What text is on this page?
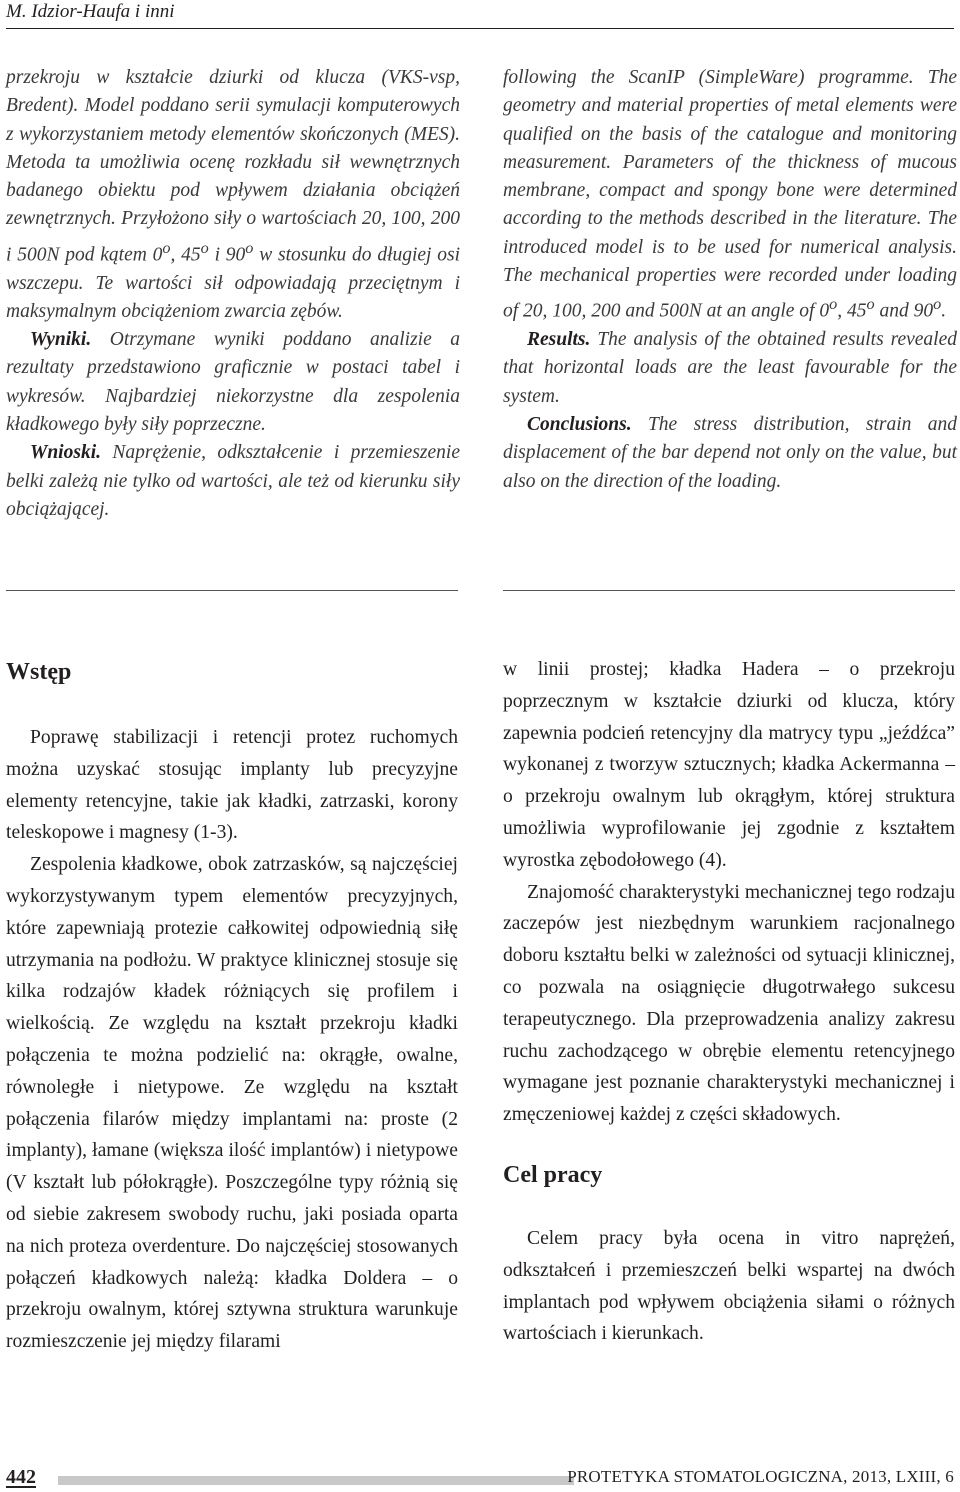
M. Idzior-Haufa i inni

przekroju w kształcie dziurki od klucza (VKS-vsp, Bredent). Model poddano serii symulacji komputerowych z wykorzystaniem metody elementów skończonych (MES). Metoda ta umożliwia ocenę rozkładu sił wewnętrznych badanego obiektu pod wpływem działania obciążeń zewnętrznych. Przyłożono siły o wartościach 20, 100, 200 i 500N pod kątem 0$^o$, 45$^o$ i 90$^o$ w stosunku do długiej osi wszczepu. Te wartości sił odpowiadają przeciętnym i maksymalnym obciążeniom zwarcia zębów.

Wyniki. Otrzymane wyniki poddano analizie a rezultaty przedstawiono graficznie w postaci tabel i wykresów. Najbardziej niekorzystne dla zespolenia kładkowego były siły poprzeczne.

Wnioski. Naprężenie, odkształcenie i przemieszenie belki zależą nie tylko od wartości, ale też od kierunku siły obciążającej.

following the ScanIP (SimpleWare) programme. The geometry and material properties of metal elements were qualified on the basis of the catalogue and monitoring measurement. Parameters of the thickness of mucous membrane, compact and spongy bone were determined according to the methods described in the literature. The introduced model is to be used for numerical analysis. The mechanical properties were recorded under loading of 20, 100, 200 and 500N at an angle of 0$^o$, 45$^o$ and 90$^o$.

Results. The analysis of the obtained results revealed that horizontal loads are the least favourable for the system.

Conclusions. The stress distribution, strain and displacement of the bar depend not only on the value, but also on the direction of the loading.

Wstęp

Poprawę stabilizacji i retencji protez ruchomych można uzyskać stosując implanty lub precyzyjne elementy retencyjne, takie jak kładki, zatrzaski, korony teleskopowe i magnesy (1-3).

Zespolenia kładkowe, obok zatrzasków, są najczęściej wykorzystywanym typem elementów precyzyjnych, które zapewniają protezie całkowitej odpowiednią siłę utrzymania na podłożu. W praktyce klinicznej stosuje się kilka rodzajów kładek różniących się profilem i wielkością. Ze względu na kształt przekroju kładki połączenia te można podzielić na: okrągłe, owalne, równoległe i nietypowe. Ze względu na kształt połączenia filarów między implantami na: proste (2 implanty), łamane (większa ilość implantów) i nietypowe (V kształt lub półokrągłe). Poszczególne typy różnią się od siebie zakresem swobody ruchu, jaki posiada oparta na nich proteza overdenture. Do najczęściej stosowanych połączeń kładkowych należą: kładka Doldera – o przekroju owalnym, której sztywna struktura warunkuje rozmieszczenie jej między filarami

w linii prostej; kładka Hadera – o przekroju poprzecznym w kształcie dziurki od klucza, który zapewnia podcień retencyjny dla matrycy typu „jeźdźca” wykonanej z tworzyw sztucznych; kładka Ackermanna – o przekroju owalnym lub okrągłym, której struktura umożliwia wyprofilowanie jej zgodnie z kształtem wyrostka zębodołowego (4).

Znajomość charakterystyki mechanicznej tego rodzaju zaczepów jest niezbędnym warunkiem racjonalnego doboru kształtu belki w zależności od sytuacji klinicznej, co pozwala na osiągnięcie długotrwałego sukcesu terapeutycznego. Dla przeprowadzenia analizy zakresu ruchu zachodzącego w obrębie elementu retencyjnego wymagane jest poznanie charakterystyki mechanicznej i zmęczeniowej każdej z części składowych.

Cel pracy

Celem pracy była ocena in vitro naprężeń, odkształceń i przemieszczeń belki wspartej na dwóch implantach pod wpływem obciążenia siłami o różnych wartościach i kierunkach.

442	PROTETYKA STOMATOLOGICZNA, 2013, LXIII, 6
